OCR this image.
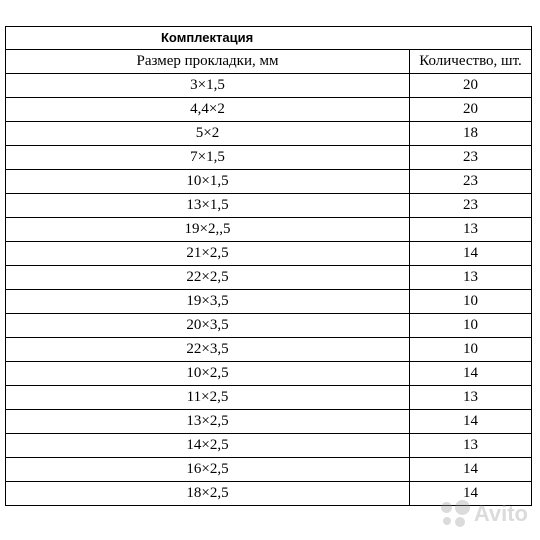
Комплектация	
Размер прокладки, мм	Количество, шт.
3×1,5	20
4,4×2	20
5×2	18
7×1,5	23
10×1,5	23
13×1,5	23
19×2,,5	13
21×2,5	14
22×2,5	13
19×3,5	10
20×3,5	10
22×3,5	10
10×2,5	14
11×2,5	13
13×2,5	14
14×2,5	13
16×2,5	14
18×2,5	14
Avito
